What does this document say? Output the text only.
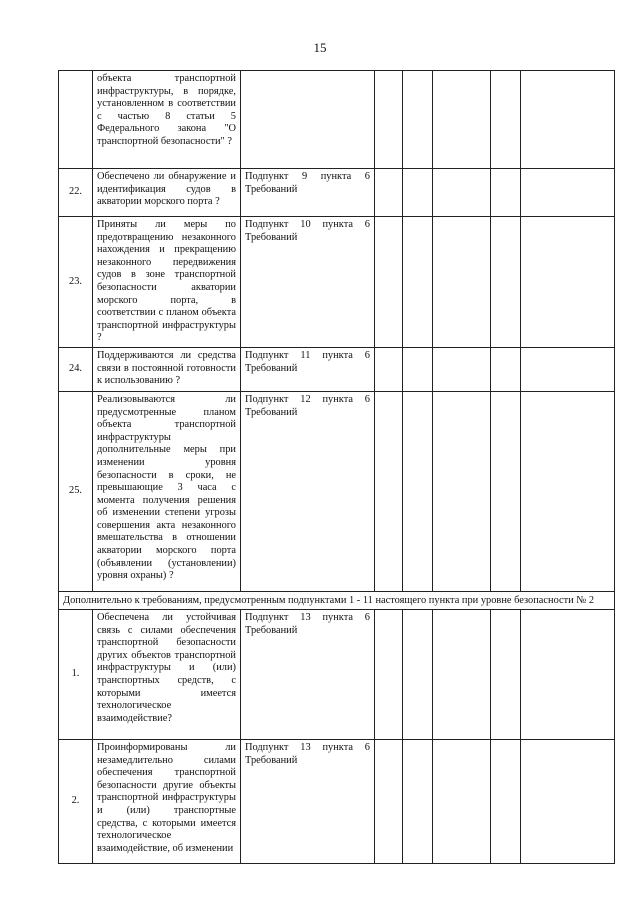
15
	объекта транспортной инфраструктуры, в порядке, установленном в соответствии с частью 8 статьи 5 Федерального закона "О транспортной безопасности" ?						
22.	Обеспечено ли обнаружение и идентификация судов в акватории морского порта ?	Подпункт 9 пункта 6 Требований					
23.	Приняты ли меры по предотвращению незаконного нахождения и прекращению незаконного передвижения судов в зоне транспортной безопасности акватории морского порта, в соответствии с планом объекта транспортной инфраструктуры ?	Подпункт 10 пункта 6 Требований					
24.	Поддерживаются ли средства связи в постоянной готовности к использованию ?	Подпункт 11 пункта 6 Требований					
25.	Реализовываются ли предусмотренные планом объекта транспортной инфраструктуры дополнительные меры при изменении уровня безопасности в сроки, не превышающие 3 часа с момента получения решения об изменении степени угрозы совершения акта незаконного вмешательства в отношении акватории морского порта (объявлении (установлении) уровня охраны) ?	Подпункт 12 пункта 6 Требований					
Дополнительно к требованиям, предусмотренным подпунктами 1 - 11 настоящего пункта при уровне безопасности № 2							
1.	Обеспечена ли устойчивая связь с силами обеспечения транспортной безопасности других объектов транспортной инфраструктуры и (или) транспортных средств, с которыми имеется технологическое взаимодействие?	Подпункт 13 пункта 6 Требований					
2.	Проинформированы ли незамедлительно силами обеспечения транспортной безопасности другие объекты транспортной инфраструктуры и (или) транспортные средства, с которыми имеется технологическое взаимодействие, об изменении	Подпункт 13 пункта 6 Требований					
